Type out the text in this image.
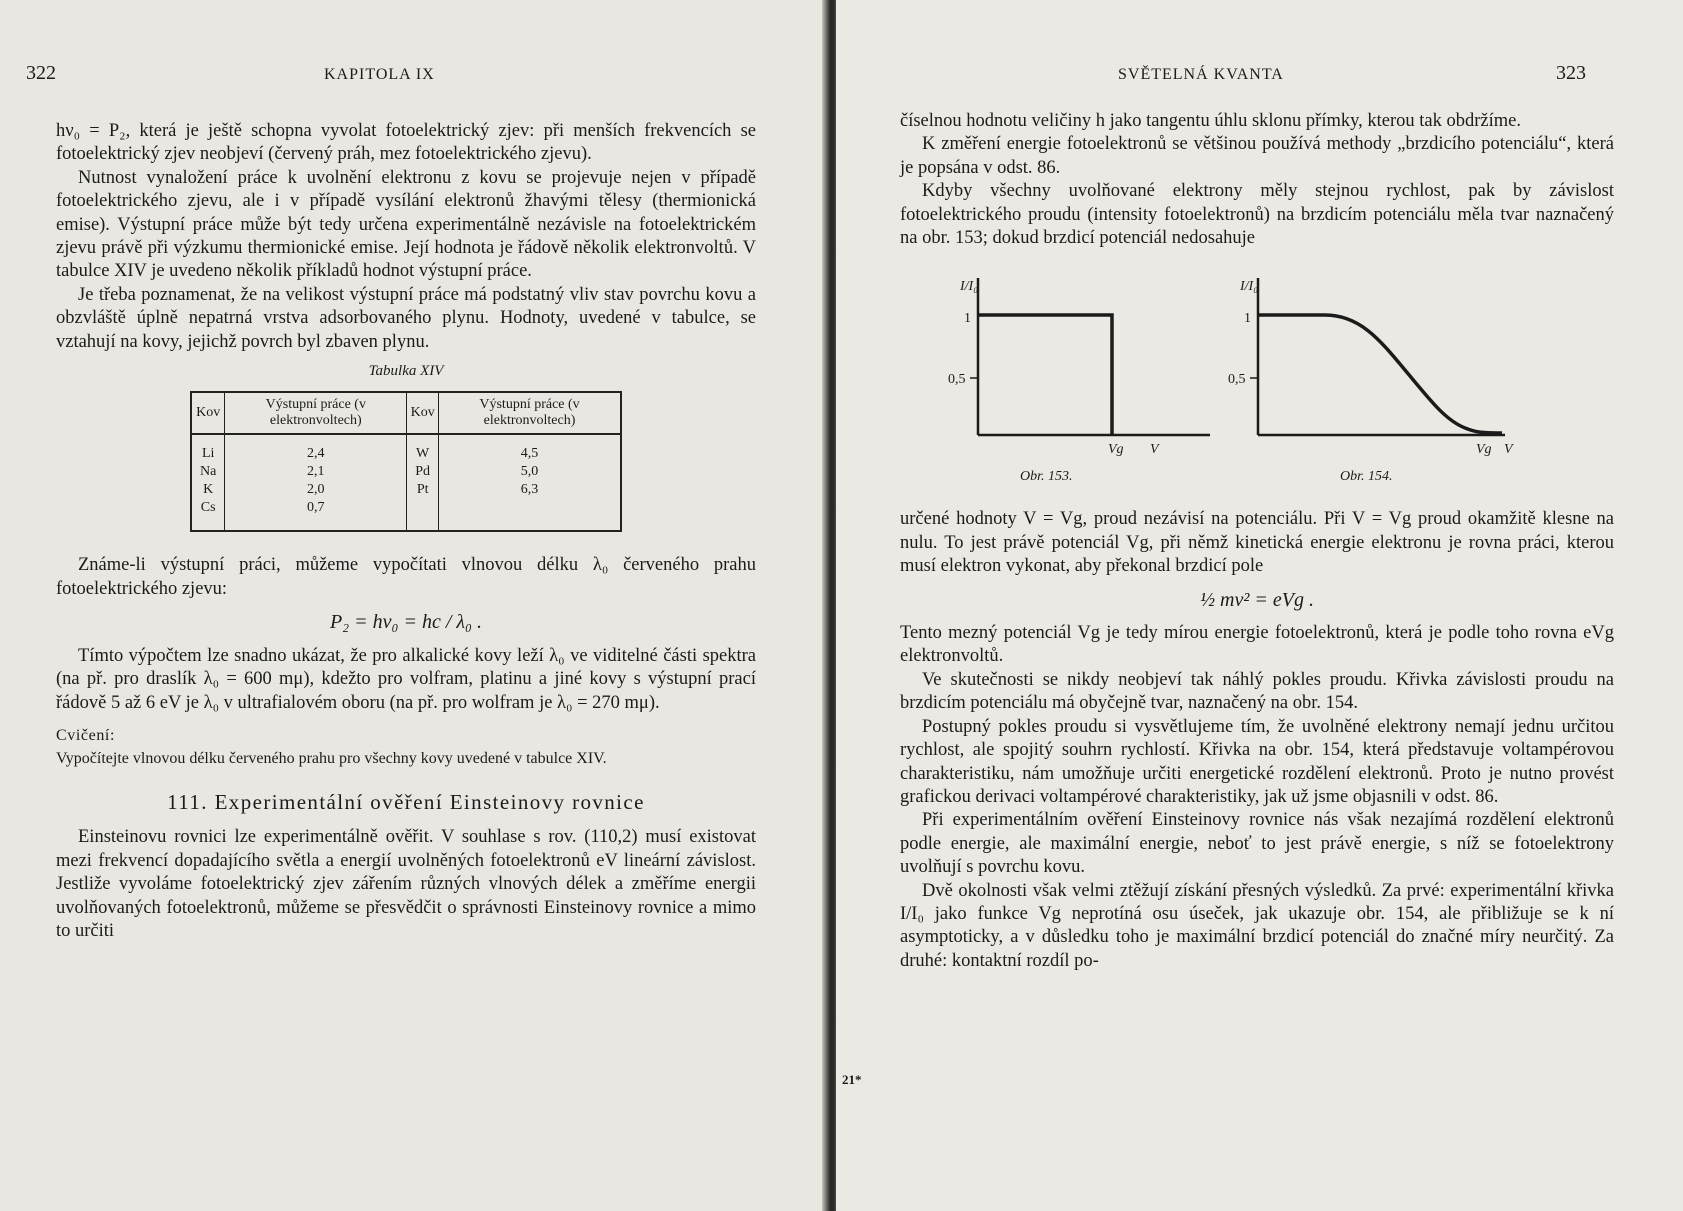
322	KAPITOLA IX

hν₀ = P₂, která je ještě schopna vyvolat fotoelektrický zjev: při menších frekvencích se fotoelektrický zjev neobjeví (červený práh, mez fotoelektrického zjevu).

Nutnost vynaložení práce k uvolnění elektronu z kovu se projevuje nejen v případě fotoelektrického zjevu, ale i v případě vysílání elektronů žhavými tělesy (thermionická emise). Výstupní práce může být tedy určena experimentálně nezávisle na fotoelektrickém zjevu právě při výzkumu thermionické emise. Její hodnota je řádově několik elektronvoltů. V tabulce XIV je uvedeno několik příkladů hodnot výstupní práce.

Je třeba poznamenat, že na velikost výstupní práce má podstatný vliv stav povrchu kovu a obzvláště úplně nepatrná vrstva adsorbovaného plynu. Hodnoty, uvedené v tabulce, se vztahují na kovy, jejichž povrch byl zbaven plynu.

Tabulka XIV
Kov	Výstupní práce (v elektronvoltech)	Kov	Výstupní práce (v elektronvoltech)

Li	2,4	W	4,5
Na	2,1	Pd	5,0
K	2,0	Pt	6,3
Cs	0,7		

Známe-li výstupní práci, můžeme vypočítati vlnovou délku λ₀ červeného prahu fotoelektrického zjevu:

P₂ = hν₀ = hc / λ₀ .

Tímto výpočtem lze snadno ukázat, že pro alkalické kovy leží λ₀ ve viditelné části spektra (na př. pro draslík λ₀ = 600 mμ), kdežto pro volfram, platinu a jiné kovy s výstupní prací řádově 5 až 6 eV je λ₀ v ultrafialovém oboru (na př. pro wolfram je λ₀ = 270 mμ).

Cvičení:
Vypočítejte vlnovou délku červeného prahu pro všechny kovy uvedené v tabulce XIV.
111. Experimentální ověření Einsteinovy rovnice

Einsteinovu rovnici lze experimentálně ověřit. V souhlase s rov. (110,2) musí existovat mezi frekvencí dopadajícího světla a energií uvolněných fotoelektronů eV lineární závislost. Jestliže vyvoláme fotoelektrický zjev zářením různých vlnových délek a změříme energii uvolňovaných fotoelektronů, můžeme se přesvědčit o správnosti Einsteinovy rovnice a mimo to určiti

SVĚTELNÁ KVANTA	323

číselnou hodnotu veličiny h jako tangentu úhlu sklonu přímky, kterou tak obdržíme.

K změření energie fotoelektronů se většinou používá methody „brzdicího potenciálu“, která je popsána v odst. 86.

Kdyby všechny uvolňované elektrony měly stejnou rychlost, pak by závislost fotoelektrického proudu (intensity fotoelektronů) na brzdicím potenciálu měla tvar naznačený na obr. 153; dokud brzdicí potenciál nedosahuje

I/I₀
1
0,5
Vg V
Obr. 153.
I/I₀
1
0,5
Vg V
Obr. 154.

určené hodnoty V = Vg, proud nezávisí na potenciálu. Při V = Vg proud okamžitě klesne na nulu. To jest právě potenciál Vg, při němž kinetická energie elektronu je rovna práci, kterou musí elektron vykonat, aby překonal brzdicí pole

½ mv² = eVg .

Tento mezný potenciál Vg je tedy mírou energie fotoelektronů, která je podle toho rovna eVg elektronvoltů.

Ve skutečnosti se nikdy neobjeví tak náhlý pokles proudu. Křivka závislosti proudu na brzdicím potenciálu má obyčejně tvar, naznačený na obr. 154.

Postupný pokles proudu si vysvětlujeme tím, že uvolněné elektrony nemají jednu určitou rychlost, ale spojitý souhrn rychlostí. Křivka na obr. 154, která představuje voltampérovou charakteristiku, nám umožňuje určiti energetické rozdělení elektronů. Proto je nutno provést grafickou derivaci voltampérové charakteristiky, jak už jsme objasnili v odst. 86.

Při experimentálním ověření Einsteinovy rovnice nás však nezajímá rozdělení elektronů podle energie, ale maximální energie, neboť to jest právě energie, s níž se fotoelektrony uvolňují s povrchu kovu.

Dvě okolnosti však velmi ztěžují získání přesných výsledků. Za prvé: experimentální křivka I/I₀ jako funkce Vg neprotíná osu úseček, jak ukazuje obr. 154, ale přibližuje se k ní asymptoticky, a v důsledku toho je maximální brzdicí potenciál do značné míry neurčitý. Za druhé: kontaktní rozdíl po-

21*
